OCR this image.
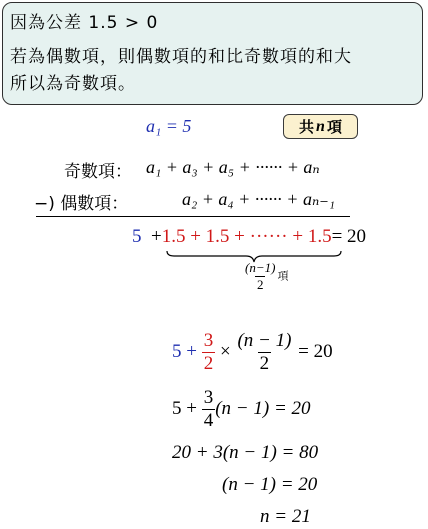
因為公差 1.5 > 0
若為偶數項，則偶數項的和比奇數項的和大
所以為奇數項。
a₁ = 5	共 n 項
奇數項： a₁ + a₃ + a₅ + ······ + aₙ
−) 偶數項：	a₂ + a₄ + ······ + aₙ₋₁
5 +1.5 + 1.5 + ······ + 1.5= 20
$\frac{(n-1)}{2}$ 項
$5 + \frac{3}{2} \times \frac{(n - 1)}{2} = 20$
$5 + \frac{3}{4} (n - 1) = 20$
20 + 3(n − 1) = 80
(n − 1) = 20
n = 21
